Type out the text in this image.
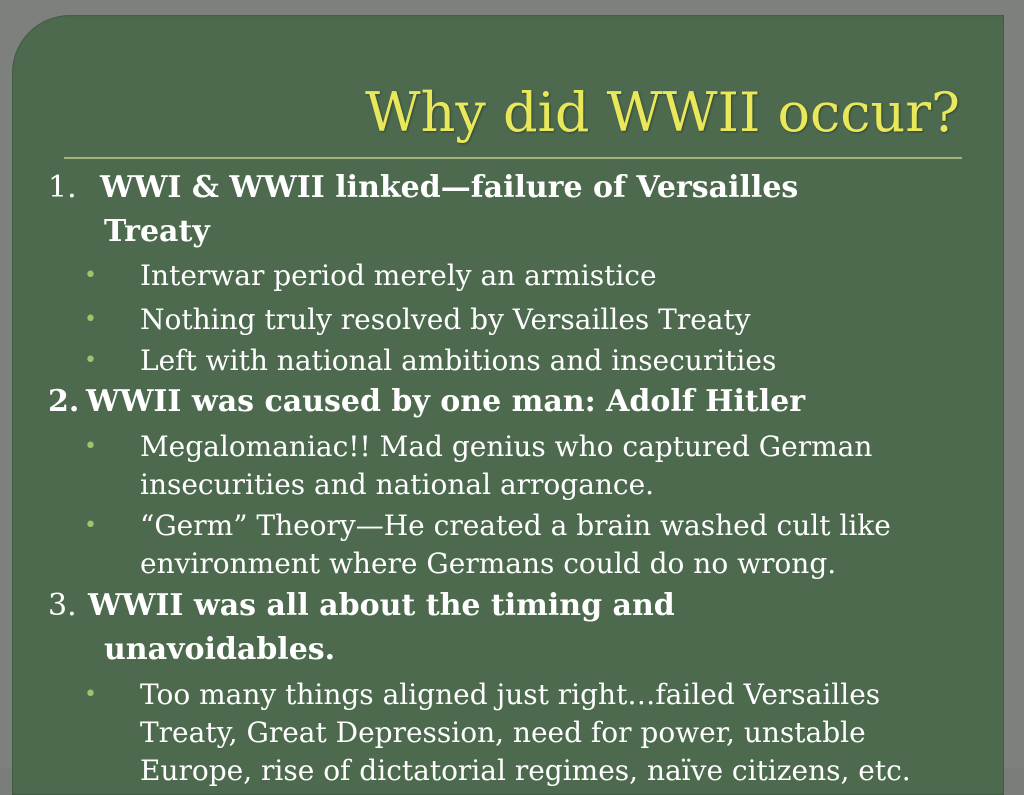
Why did WWII occur?
1. WWI & WWII linked—failure of Versailles
Treaty
• Interwar period merely an armistice
• Nothing truly resolved by Versailles Treaty
• Left with national ambitions and insecurities
2. WWII was caused by one man: Adolf Hitler
• Megalomaniac!! Mad genius who captured German
insecurities and national arrogance.
• “Germ” Theory—He created a brain washed cult like
environment where Germans could do no wrong.
3. WWII was all about the timing and
unavoidables.
• Too many things aligned just right…failed Versailles
Treaty, Great Depression, need for power, unstable
Europe, rise of dictatorial regimes, naïve citizens, etc.
